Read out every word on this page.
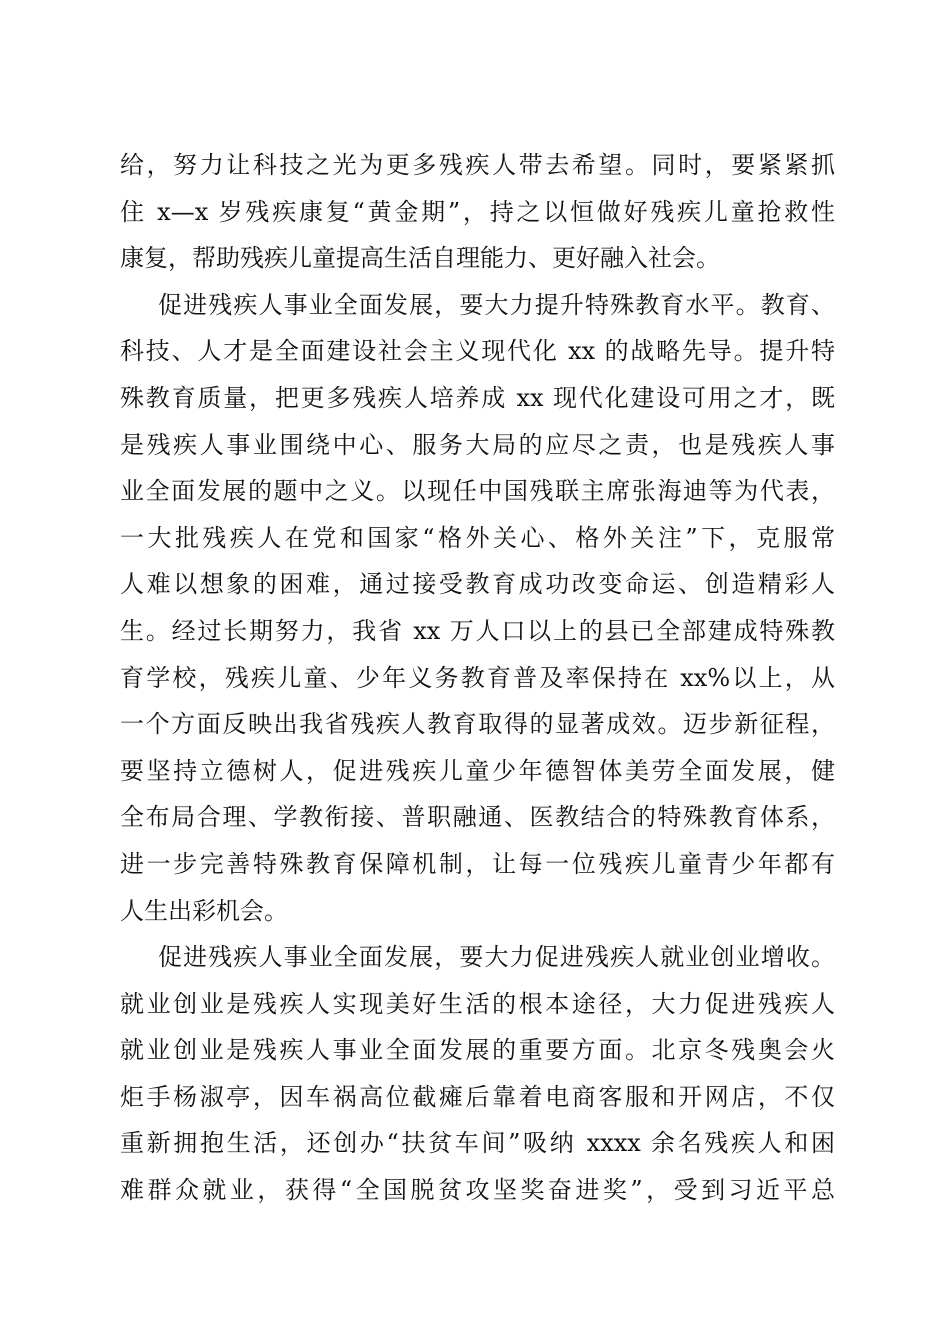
给，努力让科技之光为更多残疾人带去希望。同时，要紧紧抓
住 x—x 岁残疾康复“黄金期”，持之以恒做好残疾儿童抢救性
康复，帮助残疾儿童提高生活自理能力、更好融入社会。
促进残疾人事业全面发展，要大力提升特殊教育水平。教育、
科技、人才是全面建设社会主义现代化 xx 的战略先导。提升特
殊教育质量，把更多残疾人培养成 xx 现代化建设可用之才，既
是残疾人事业围绕中心、服务大局的应尽之责，也是残疾人事
业全面发展的题中之义。以现任中国残联主席张海迪等为代表，
一大批残疾人在党和国家“格外关心、格外关注”下，克服常
人难以想象的困难，通过接受教育成功改变命运、创造精彩人
生。经过长期努力，我省 xx 万人口以上的县已全部建成特殊教
育学校，残疾儿童、少年义务教育普及率保持在 xx%以上，从
一个方面反映出我省残疾人教育取得的显著成效。迈步新征程，
要坚持立德树人，促进残疾儿童少年德智体美劳全面发展，健
全布局合理、学教衔接、普职融通、医教结合的特殊教育体系，
进一步完善特殊教育保障机制，让每一位残疾儿童青少年都有
人生出彩机会。
促进残疾人事业全面发展，要大力促进残疾人就业创业增收。
就业创业是残疾人实现美好生活的根本途径，大力促进残疾人
就业创业是残疾人事业全面发展的重要方面。北京冬残奥会火
炬手杨淑亭，因车祸高位截瘫后靠着电商客服和开网店，不仅
重新拥抱生活，还创办“扶贫车间”吸纳 xxxx 余名残疾人和困
难群众就业，获得“全国脱贫攻坚奖奋进奖”，受到习近平总
